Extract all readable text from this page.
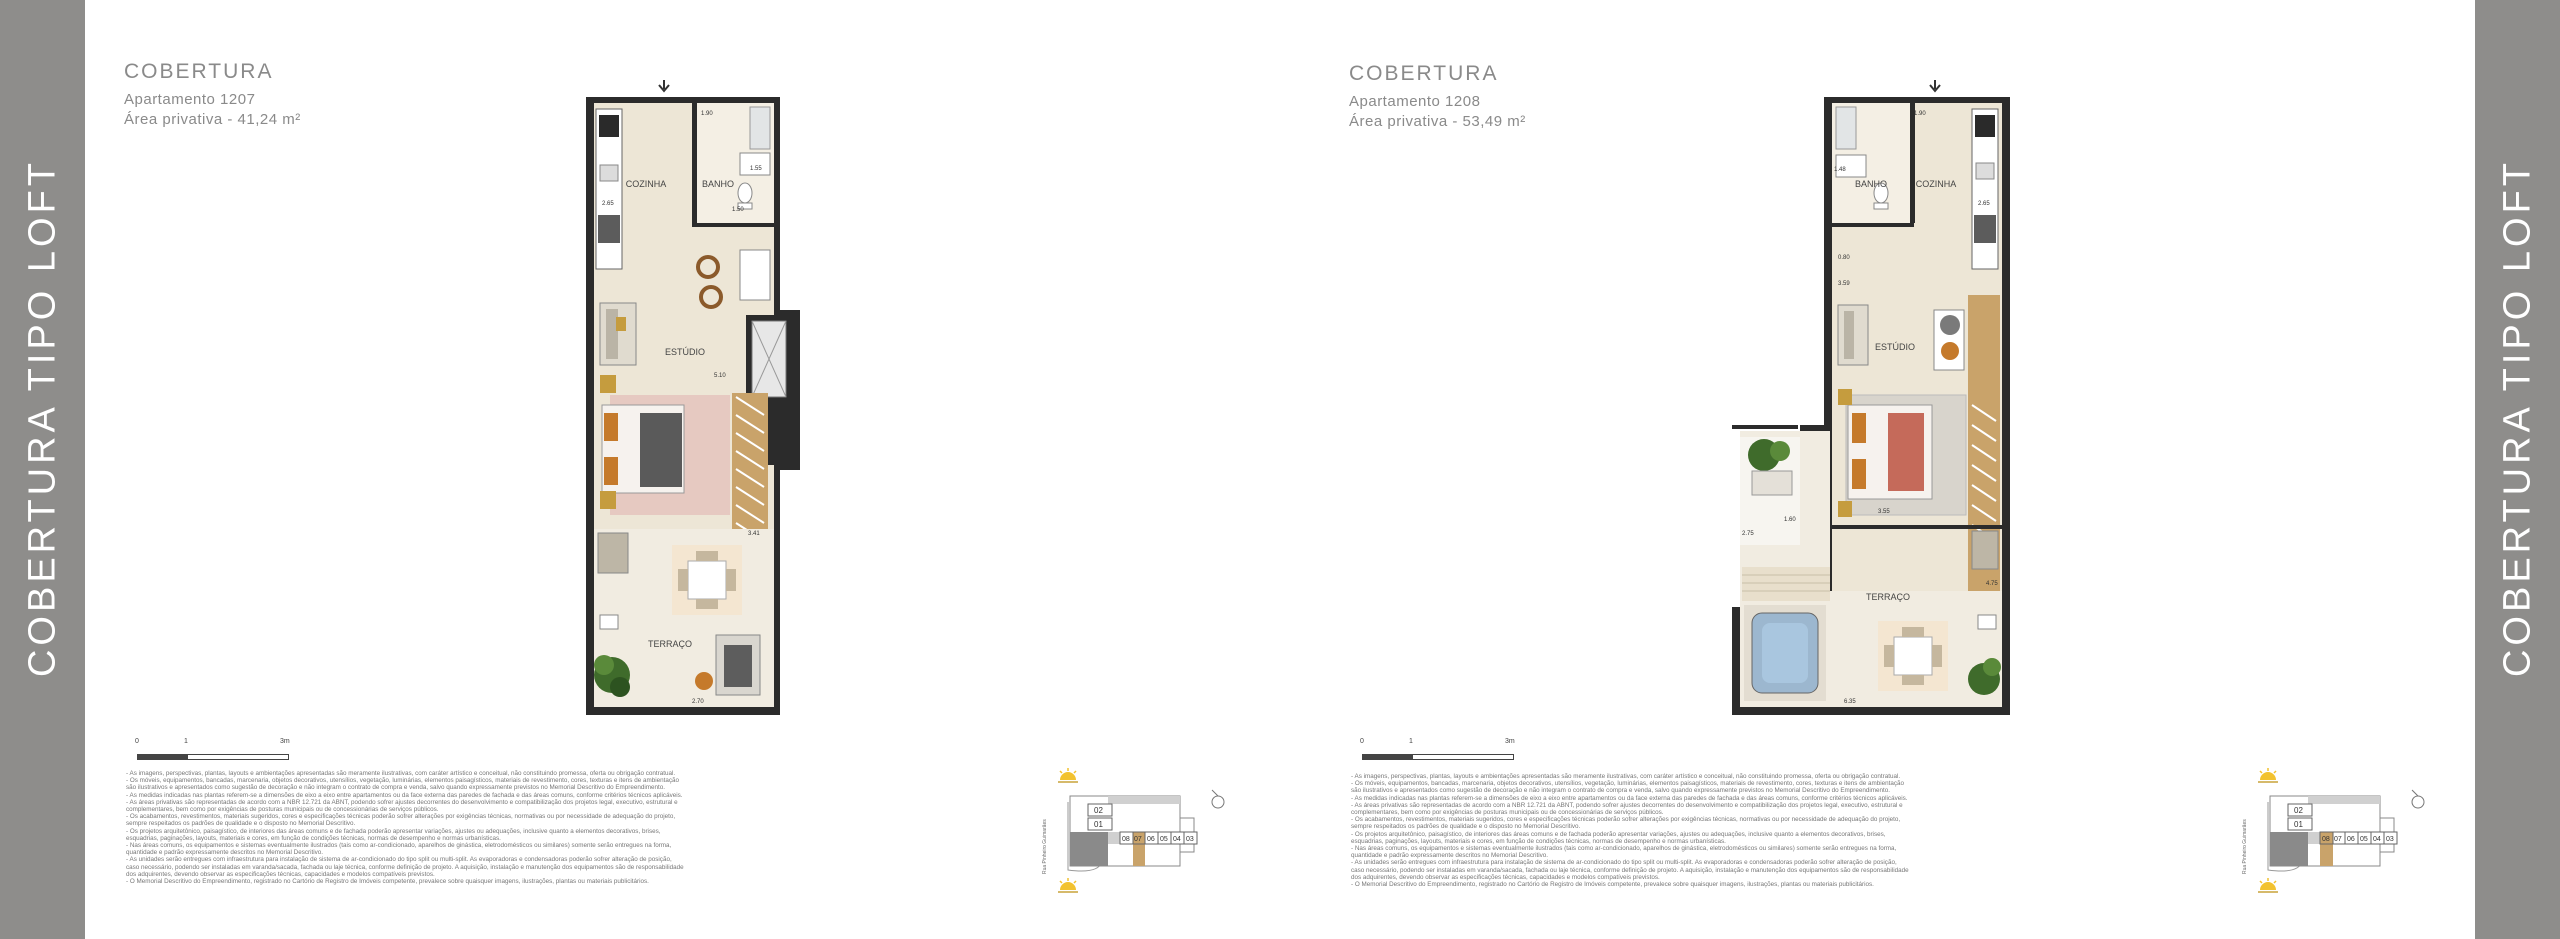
COBERTURA TIPO LOFT	COBERTURA TIPO LOFT
COBERTURA
Apartamento 1207
Área privativa - 41,24 m²
COBERTURA
Apartamento 1208
Área privativa - 53,49 m²
COZINHA	BANHO
ESTÚDIO
TERRAÇO
1.90
1.55
1.50
2.65
5.10
3.41
2.70
COZINHA
BANHO
ESTÚDIO
TERRAÇO
1.90
1.48
2.65
0.80
3.59
3.55
1.60
2.75
4.75
6.35
0	1	3m	0	1	3m

- As imagens, perspectivas, plantas, layouts e ambientações apresentadas são meramente ilustrativas, com caráter artístico e conceitual, não constituindo promessa, oferta ou obrigação contratual.

- Os móveis, equipamentos, bancadas, marcenaria, objetos decorativos, utensílios, vegetação, luminárias, elementos paisagísticos, materiais de revestimento, cores, texturas e itens de ambientação

são ilustrativos e apresentados como sugestão de decoração e não integram o contrato de compra e venda, salvo quando expressamente previstos no Memorial Descritivo do Empreendimento.

- As medidas indicadas nas plantas referem-se a dimensões de eixo a eixo entre apartamentos ou da face externa das paredes de fachada e das áreas comuns, conforme critérios técnicos aplicáveis.

- As áreas privativas são representadas de acordo com a NBR 12.721 da ABNT, podendo sofrer ajustes decorrentes do desenvolvimento e compatibilização dos projetos legal, executivo, estrutural e

complementares, bem como por exigências de posturas municipais ou de concessionárias de serviços públicos.

- Os acabamentos, revestimentos, materiais sugeridos, cores e especificações técnicas poderão sofrer alterações por exigências técnicas, normativas ou por necessidade de adequação do projeto,

sempre respeitados os padrões de qualidade e o disposto no Memorial Descritivo.

- Os projetos arquitetônico, paisagístico, de interiores das áreas comuns e de fachada poderão apresentar variações, ajustes ou adequações, inclusive quanto a elementos decorativos, brises,

esquadrias, paginações, layouts, materiais e cores, em função de condições técnicas, normas de desempenho e normas urbanísticas.

- Nas áreas comuns, os equipamentos e sistemas eventualmente ilustrados (tais como ar-condicionado, aparelhos de ginástica, eletrodomésticos ou similares) somente serão entregues na forma,

quantidade e padrão expressamente descritos no Memorial Descritivo.

- As unidades serão entregues com infraestrutura para instalação de sistema de ar-condicionado do tipo split ou multi-split. As evaporadoras e condensadoras poderão sofrer alteração de posição,

caso necessário, podendo ser instaladas em varanda/sacada, fachada ou laje técnica, conforme definição de projeto. A aquisição, instalação e manutenção dos equipamentos são de responsabilidade

dos adquirentes, devendo observar as especificações técnicas, capacidades e modelos compatíveis previstos.

- O Memorial Descritivo do Empreendimento, registrado no Cartório de Registro de Imóveis competente, prevalece sobre quaisquer imagens, ilustrações, plantas ou materiais publicitários.

- As imagens, perspectivas, plantas, layouts e ambientações apresentadas são meramente ilustrativas, com caráter artístico e conceitual, não constituindo promessa, oferta ou obrigação contratual.

- Os móveis, equipamentos, bancadas, marcenaria, objetos decorativos, utensílios, vegetação, luminárias, elementos paisagísticos, materiais de revestimento, cores, texturas e itens de ambientação

são ilustrativos e apresentados como sugestão de decoração e não integram o contrato de compra e venda, salvo quando expressamente previstos no Memorial Descritivo do Empreendimento.

- As medidas indicadas nas plantas referem-se a dimensões de eixo a eixo entre apartamentos ou da face externa das paredes de fachada e das áreas comuns, conforme critérios técnicos aplicáveis.

- As áreas privativas são representadas de acordo com a NBR 12.721 da ABNT, podendo sofrer ajustes decorrentes do desenvolvimento e compatibilização dos projetos legal, executivo, estrutural e

complementares, bem como por exigências de posturas municipais ou de concessionárias de serviços públicos.

- Os acabamentos, revestimentos, materiais sugeridos, cores e especificações técnicas poderão sofrer alterações por exigências técnicas, normativas ou por necessidade de adequação do projeto,

sempre respeitados os padrões de qualidade e o disposto no Memorial Descritivo.

- Os projetos arquitetônico, paisagístico, de interiores das áreas comuns e de fachada poderão apresentar variações, ajustes ou adequações, inclusive quanto a elementos decorativos, brises,

esquadrias, paginações, layouts, materiais e cores, em função de condições técnicas, normas de desempenho e normas urbanísticas.

- Nas áreas comuns, os equipamentos e sistemas eventualmente ilustrados (tais como ar-condicionado, aparelhos de ginástica, eletrodomésticos ou similares) somente serão entregues na forma,

quantidade e padrão expressamente descritos no Memorial Descritivo.

- As unidades serão entregues com infraestrutura para instalação de sistema de ar-condicionado do tipo split ou multi-split. As evaporadoras e condensadoras poderão sofrer alteração de posição,

caso necessário, podendo ser instaladas em varanda/sacada, fachada ou laje técnica, conforme definição de projeto. A aquisição, instalação e manutenção dos equipamentos são de responsabilidade

dos adquirentes, devendo observar as especificações técnicas, capacidades e modelos compatíveis previstos.

- O Memorial Descritivo do Empreendimento, registrado no Cartório de Registro de Imóveis competente, prevalece sobre quaisquer imagens, ilustrações, plantas ou materiais publicitários.

Rua Pinheiro Guimarães
02
01
08 07 06 05 04 03	Rua Pinheiro Guimarães
02
01
08 07 06 05 04 03
